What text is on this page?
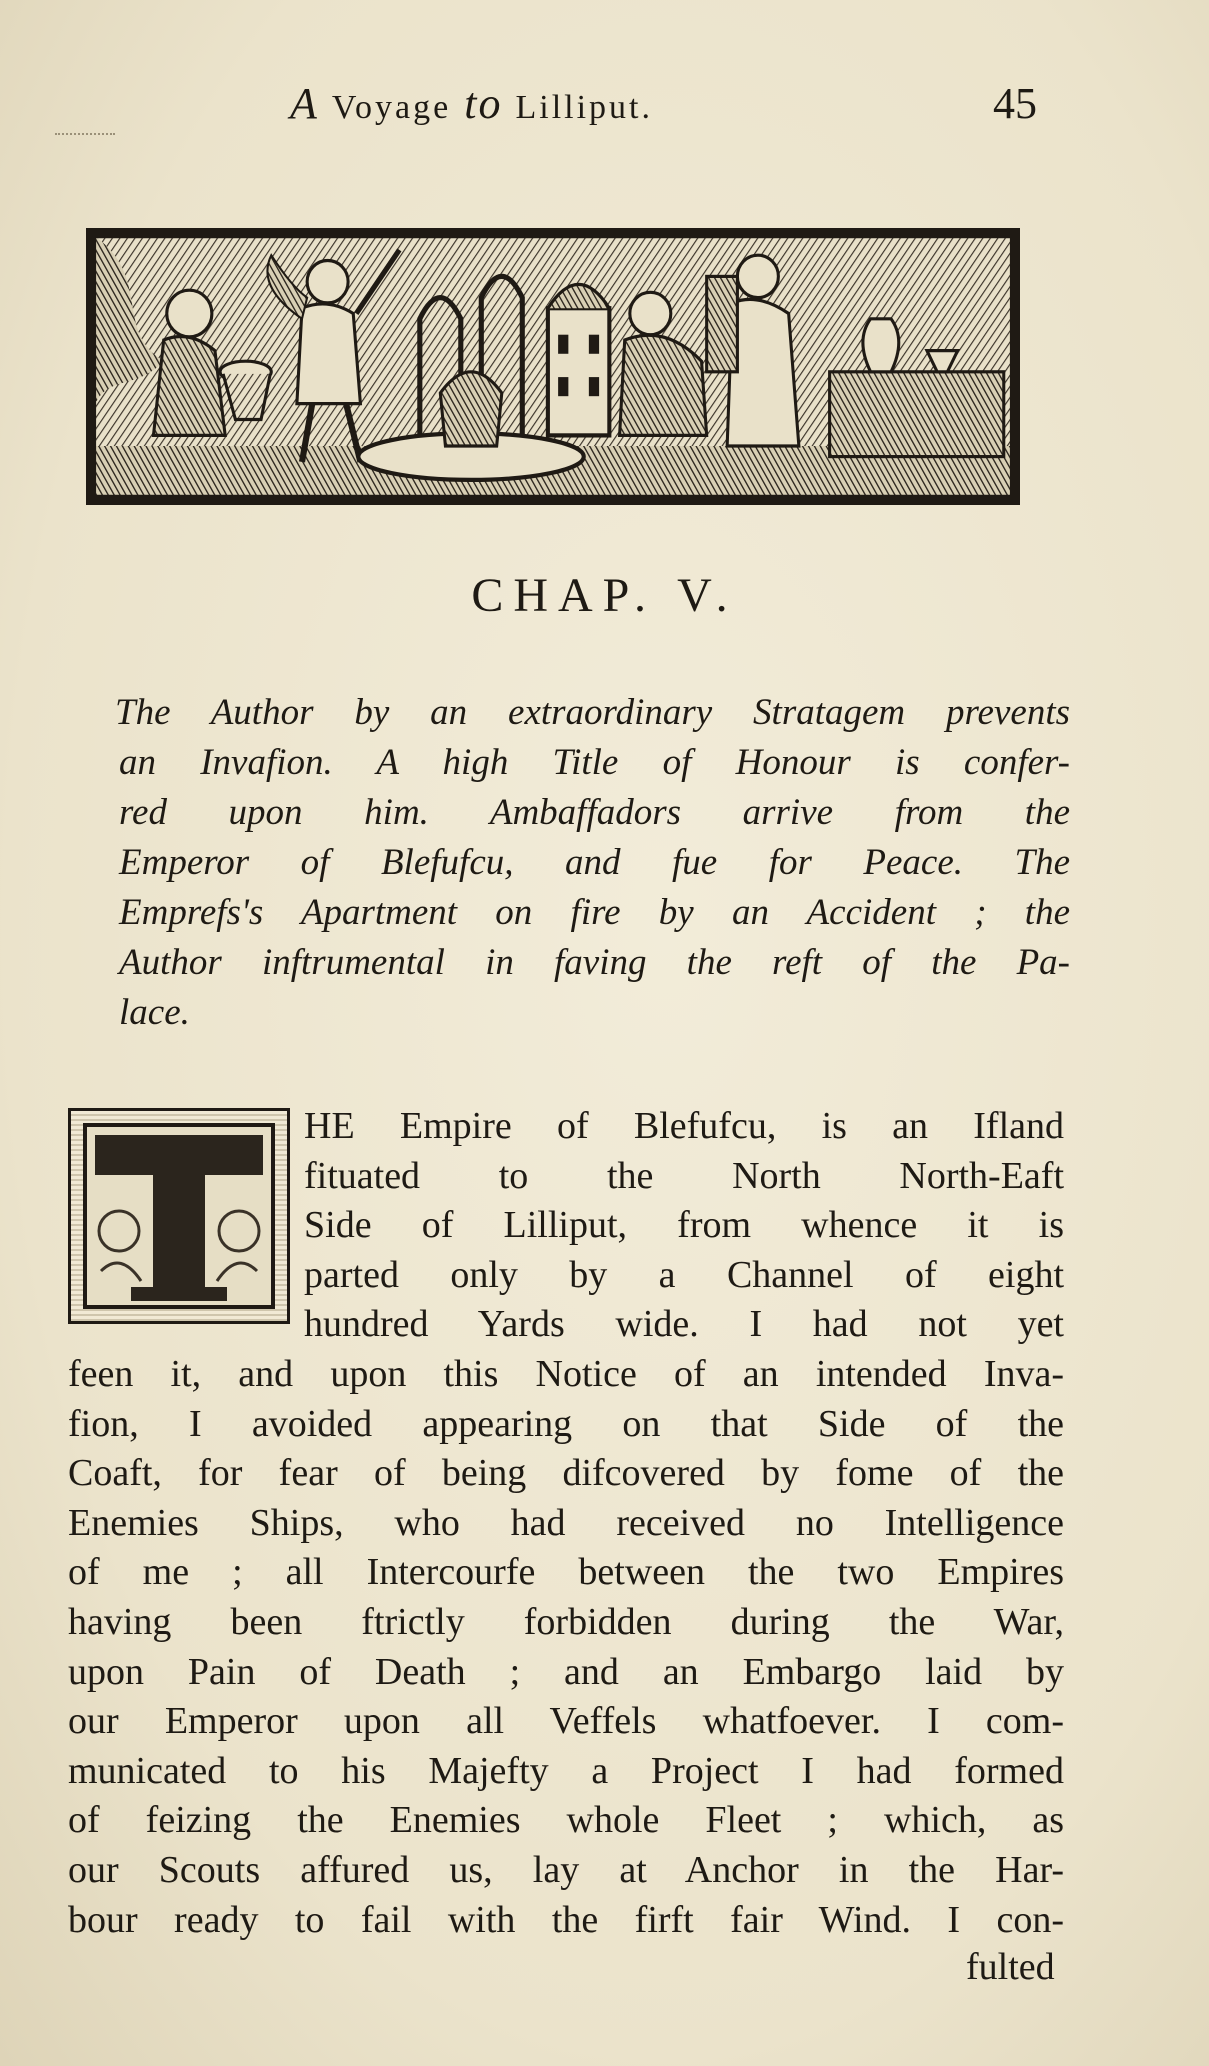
A Voyage to Lilliput.	45
CHAP. V.
The Author by an extraordinary Stratagem prevents
an Invafion. A high Title of Honour is confer-
red upon him. Ambaffadors arrive from the
Emperor of Blefufcu, and fue for Peace. The
Emprefs's Apartment on fire by an Accident ; the
Author inftrumental in faving the reft of the Pa-
lace.
T
HE Empire of Blefufcu, is an Ifland
fituated to the North North-Eaft
Side of Lilliput, from whence it is
parted only by a Channel of eight
hundred Yards wide. I had not yet
feen it, and upon this Notice of an intended Inva-
fion, I avoided appearing on that Side of the
Coaft, for fear of being difcovered by fome of the
Enemies Ships, who had received no Intelligence
of me ; all Intercourfe between the two Empires
having been ftrictly forbidden during the War,
upon Pain of Death ; and an Embargo laid by
our Emperor upon all Veffels whatfoever. I com-
municated to his Majefty a Project I had formed
of feizing the Enemies whole Fleet ; which, as
our Scouts affured us, lay at Anchor in the Har-
bour ready to fail with the firft fair Wind. I con-
fulted
